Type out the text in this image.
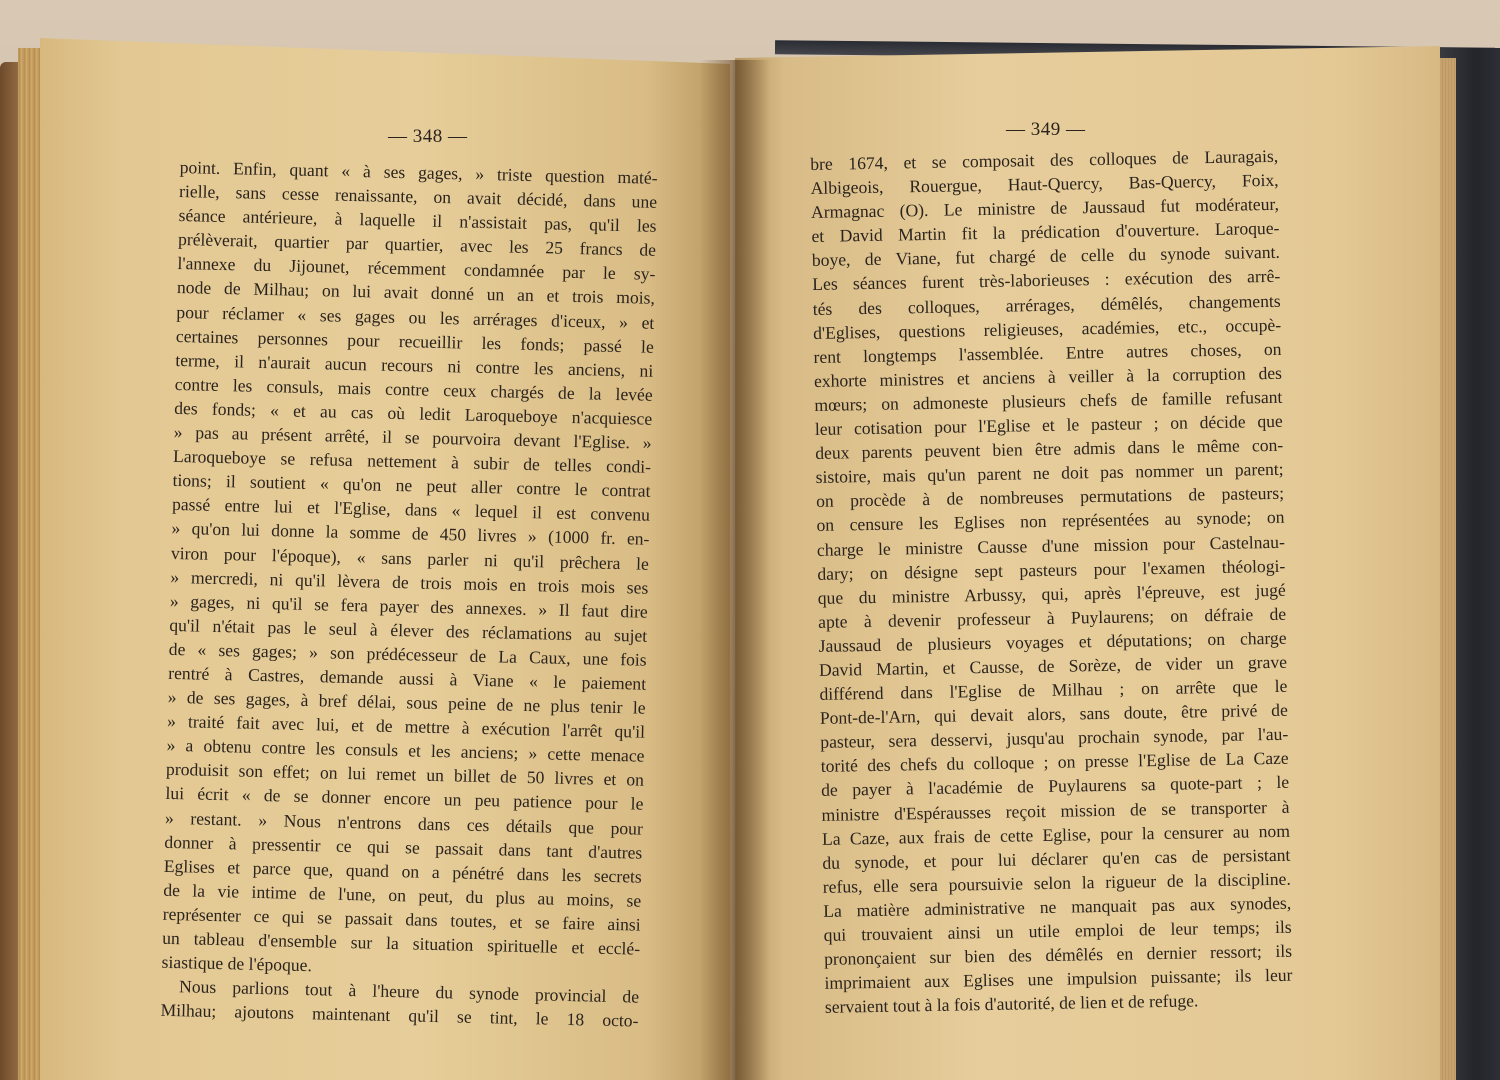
— 348 —	— 349 —
point. Enfin, quant « à ses gages, » triste question maté-
rielle, sans cesse renaissante, on avait décidé, dans une
séance antérieure, à laquelle il n'assistait pas, qu'il les
prélèverait, quartier par quartier, avec les 25 francs de
l'annexe du Jijounet, récemment condamnée par le sy-
node de Milhau; on lui avait donné un an et trois mois,
pour réclamer « ses gages ou les arrérages d'iceux, » et
certaines personnes pour recueillir les fonds; passé le
terme, il n'aurait aucun recours ni contre les anciens, ni
contre les consuls, mais contre ceux chargés de la levée
des fonds; « et au cas où ledit Laroqueboye n'acquiesce
» pas au présent arrêté, il se pourvoira devant l'Eglise. »
Laroqueboye se refusa nettement à subir de telles condi-
tions; il soutient « qu'on ne peut aller contre le contrat
passé entre lui et l'Eglise, dans « lequel il est convenu
» qu'on lui donne la somme de 450 livres » (1000 fr. en-
viron pour l'époque), « sans parler ni qu'il prêchera le
» mercredi, ni qu'il lèvera de trois mois en trois mois ses
» gages, ni qu'il se fera payer des annexes. » Il faut dire
qu'il n'était pas le seul à élever des réclamations au sujet
de « ses gages; » son prédécesseur de La Caux, une fois
rentré à Castres, demande aussi à Viane « le paiement
» de ses gages, à bref délai, sous peine de ne plus tenir le
» traité fait avec lui, et de mettre à exécution l'arrêt qu'il
» a obtenu contre les consuls et les anciens; » cette menace
produisit son effet; on lui remet un billet de 50 livres et on
lui écrit « de se donner encore un peu patience pour le
» restant. » Nous n'entrons dans ces détails que pour
donner à pressentir ce qui se passait dans tant d'autres
Eglises et parce que, quand on a pénétré dans les secrets
de la vie intime de l'une, on peut, du plus au moins, se
représenter ce qui se passait dans toutes, et se faire ainsi
un tableau d'ensemble sur la situation spirituelle et ecclé-
siastique de l'époque.
Nous parlions tout à l'heure du synode provincial de
Milhau; ajoutons maintenant qu'il se tint, le 18 octo-
bre 1674, et se composait des colloques de Lauragais,
Albigeois, Rouergue, Haut-Quercy, Bas-Quercy, Foix,
Armagnac (O). Le ministre de Jaussaud fut modérateur,
et David Martin fit la prédication d'ouverture. Laroque-
boye, de Viane, fut chargé de celle du synode suivant.
Les séances furent très-laborieuses : exécution des arrê-
tés des colloques, arrérages, démêlés, changements
d'Eglises, questions religieuses, académies, etc., occupè-
rent longtemps l'assemblée. Entre autres choses, on
exhorte ministres et anciens à veiller à la corruption des
mœurs; on admoneste plusieurs chefs de famille refusant
leur cotisation pour l'Eglise et le pasteur ; on décide que
deux parents peuvent bien être admis dans le même con-
sistoire, mais qu'un parent ne doit pas nommer un parent;
on procède à de nombreuses permutations de pasteurs;
on censure les Eglises non représentées au synode; on
charge le ministre Causse d'une mission pour Castelnau-
dary; on désigne sept pasteurs pour l'examen théologi-
que du ministre Arbussy, qui, après l'épreuve, est jugé
apte à devenir professeur à Puylaurens; on défraie de
Jaussaud de plusieurs voyages et députations; on charge
David Martin, et Causse, de Sorèze, de vider un grave
différend dans l'Eglise de Milhau ; on arrête que le
Pont-de-l'Arn, qui devait alors, sans doute, être privé de
pasteur, sera desservi, jusqu'au prochain synode, par l'au-
torité des chefs du colloque ; on presse l'Eglise de La Caze
de payer à l'académie de Puylaurens sa quote-part ; le
ministre d'Espérausses reçoit mission de se transporter à
La Caze, aux frais de cette Eglise, pour la censurer au nom
du synode, et pour lui déclarer qu'en cas de persistant
refus, elle sera poursuivie selon la rigueur de la discipline.
La matière administrative ne manquait pas aux synodes,
qui trouvaient ainsi un utile emploi de leur temps; ils
prononçaient sur bien des démêlés en dernier ressort; ils
imprimaient aux Eglises une impulsion puissante; ils leur
servaient tout à la fois d'autorité, de lien et de refuge.
